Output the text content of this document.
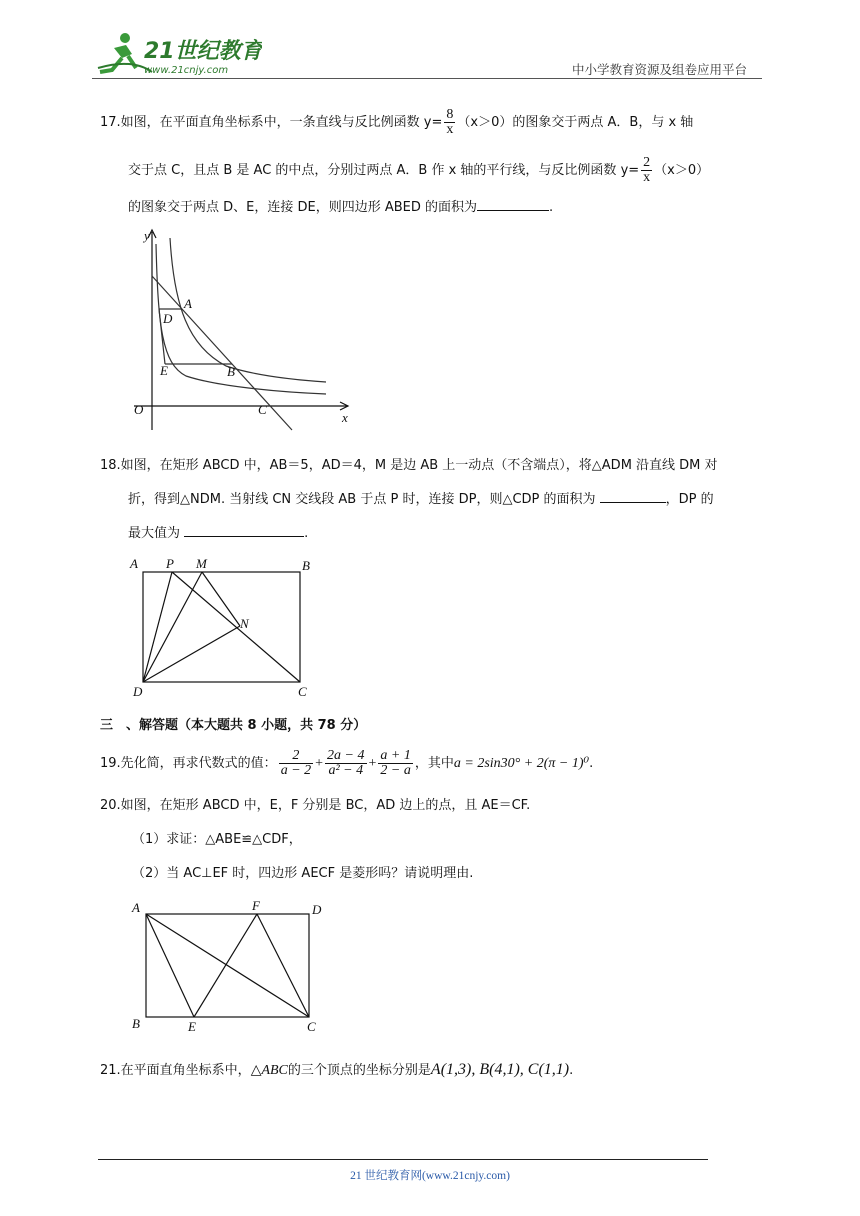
21世纪教育
www.21cnjy.com	中小学教育资源及组卷应用平台
17.如图，在平面直角坐标系中，一条直线与反比例函数 $y= \frac{8}{x} (x>0)$的图象交于两点 A．B，与 x 轴
交于点 C，且点 B 是 AC 的中点，分别过两点 A．B 作 x 轴的平行线，与反比例函数 $y= \frac{2}{x} (x>0)$
的图象交于两点 D、E，连接 DE，则四边形 ABED 的面积为	.
y
x
O
A
D
E	B
C
18.如图，在矩形 ABCD 中，AB＝5，AD＝4，M 是边 AB 上一动点（不含端点），将△ADM 沿直线 DM 对
折，得到△NDM. 当射线 CN 交线段 AB 于点 P 时，连接 DP，则△CDP 的面积为	，DP 的
最大值为	.
A P M	B
N
D	C
三　、解答题（本大题共 8 小题，共 78 分）
19.先化简，再求代数式的值： $\frac{2}{a - 2} + \frac{2a - 4}{\text{a² − 4}} + \frac{a + 1}{2 - a}$ ，其中a = 2sin30° + 2(π − 1)⁰.
20.如图，在矩形 ABCD 中，E，F 分别是 BC，AD 边上的点，且 AE＝CF.
（1）求证：△ABE≌△CDF，
（2）当 AC⊥EF 时，四边形 AECF 是菱形吗？请说明理由.
A	F	D
B	E	C
21.在平面直角坐标系中，△ABC的三个顶点的坐标分别是A(1,3), B(4,1), C(1,1).
21 世纪教育网(www.21cnjy.com)
